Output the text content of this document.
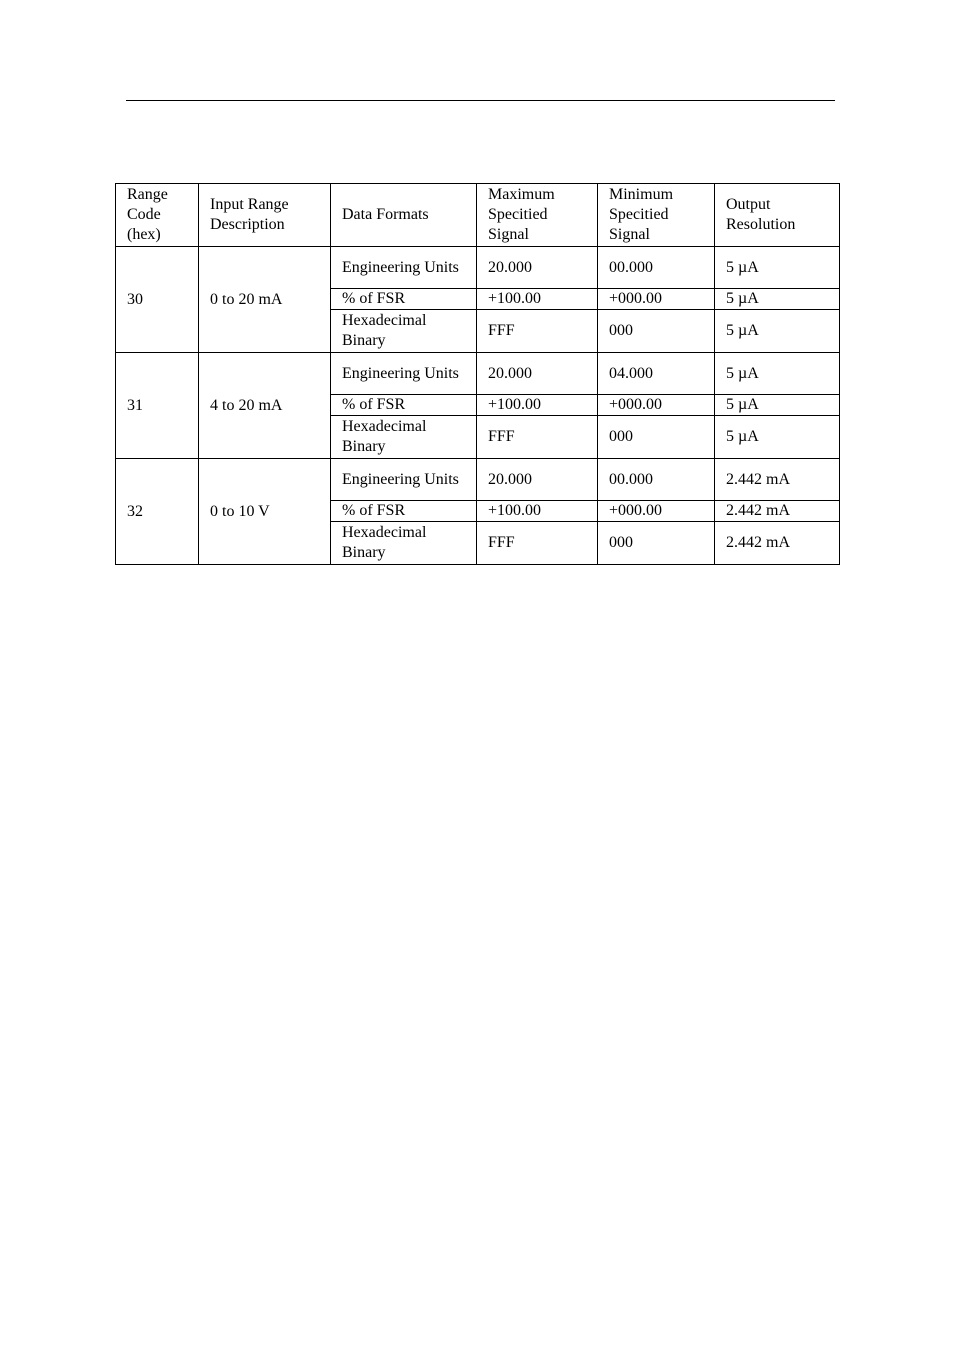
Range Code (hex)	Input Range Description	Data Formats	Maximum Specitied Signal	Minimum Specitied Signal	Output Resolution
30	0 to 20 mA	Engineering Units	20.000	00.000	5 µA
		% of FSR	+100.00	+000.00	5 µA
		Hexadecimal Binary	FFF	000	5 µA
31	4 to 20 mA	Engineering Units	20.000	04.000	5 µA
		% of FSR	+100.00	+000.00	5 µA
		Hexadecimal Binary	FFF	000	5 µA
32	0 to 10 V	Engineering Units	20.000	00.000	2.442 mA
		% of FSR	+100.00	+000.00	2.442 mA
		Hexadecimal Binary	FFF	000	2.442 mA
